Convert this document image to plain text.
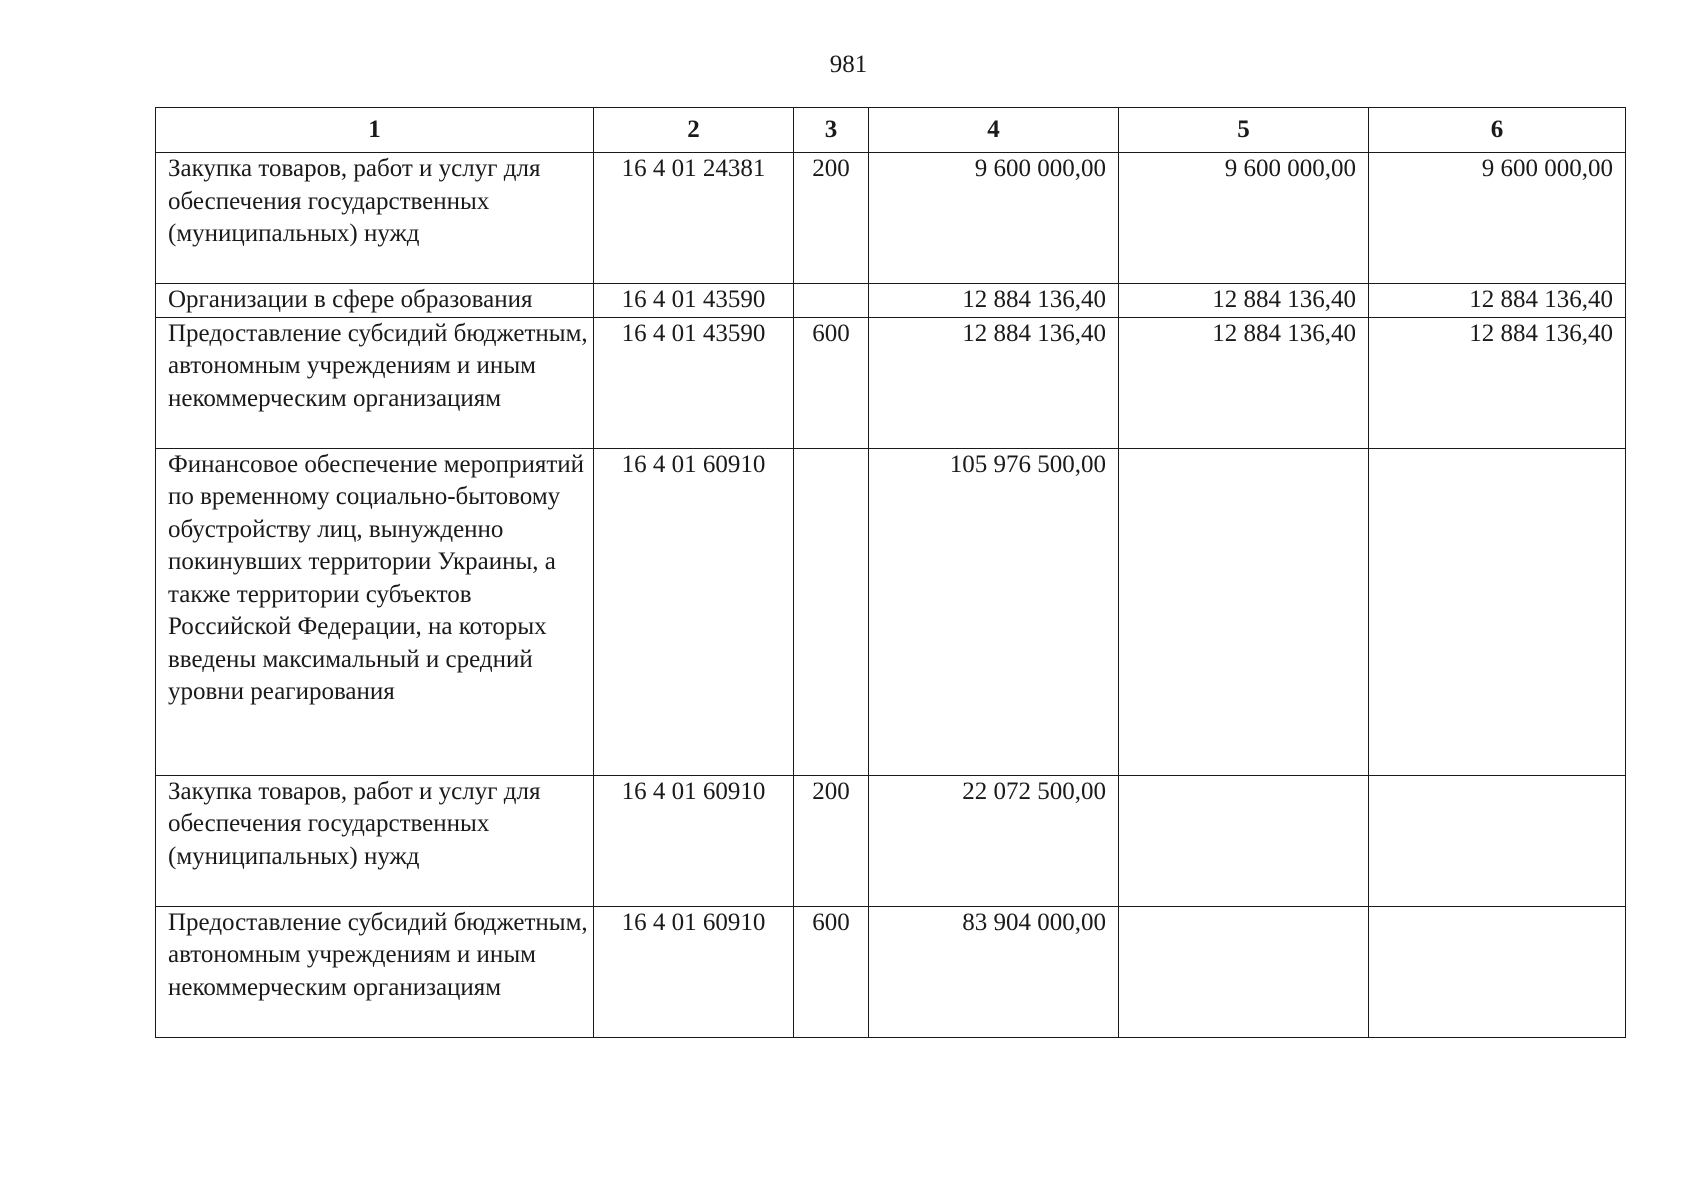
981
1	2	3	4	5	6
Закупка товаров, работ и услуг для обеспечения государственных (муниципальных) нужд	16 4 01 24381	200	9 600 000,00	9 600 000,00	9 600 000,00
Организации в сфере образования	16 4 01 43590		12 884 136,40	12 884 136,40	12 884 136,40
Предоставление субсидий бюджетным, автономным учреждениям и иным некоммерческим организациям	16 4 01 43590	600	12 884 136,40	12 884 136,40	12 884 136,40
Финансовое обеспечение мероприятий по временному социально-бытовому обустройству лиц, вынужденно покинувших территории Украины, а также территории субъектов Российской Федерации, на которых введены максимальный и средний уровни реагирования	16 4 01 60910		105 976 500,00		
Закупка товаров, работ и услуг для обеспечения государственных (муниципальных) нужд	16 4 01 60910	200	22 072 500,00		
Предоставление субсидий бюджетным, автономным учреждениям и иным некоммерческим организациям	16 4 01 60910	600	83 904 000,00		
